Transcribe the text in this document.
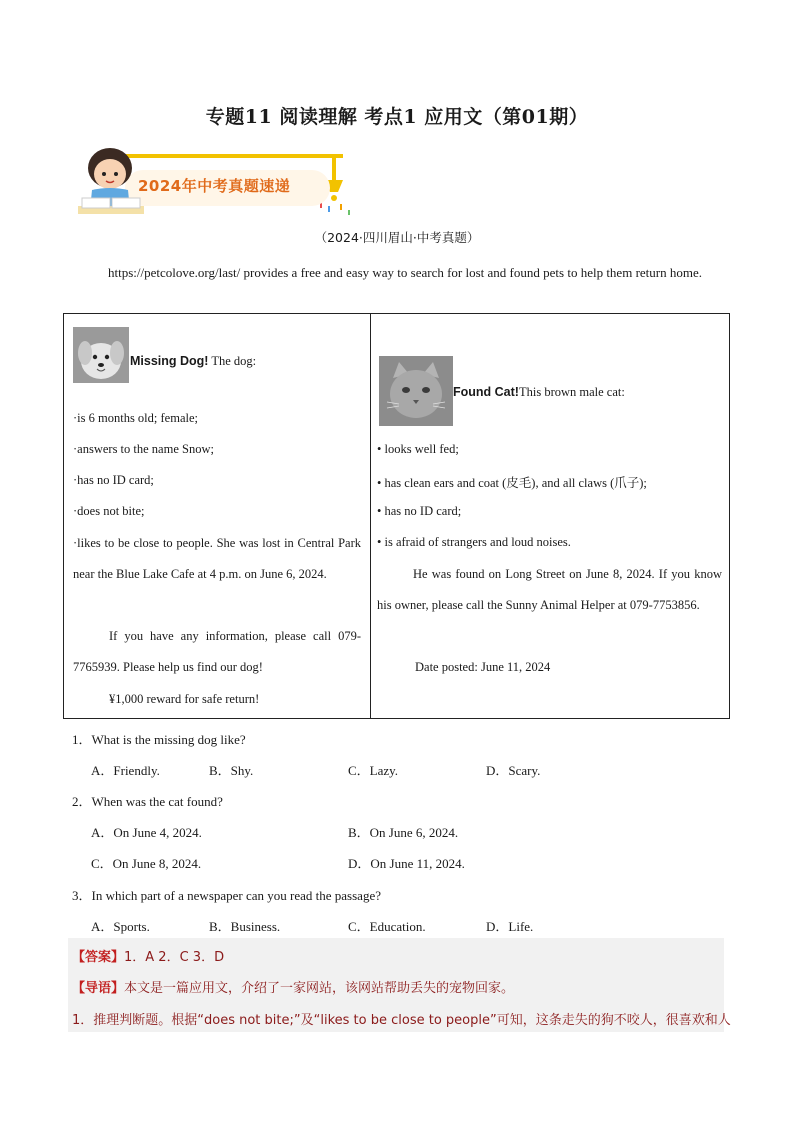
专题11 阅读理解 考点1 应用文（第01期）
2024年中考真题速递
（2024·四川眉山·中考真题）
https://petcolove.org/last/ provides a free and easy way to search for lost and found pets to help them return home.
Missing Dog! The dog:
·is 6 months old; female;
·answers to the name Snow;
·has no ID card;
·does not bite;
·likes to be close to people. She was lost in Central Park near the Blue Lake Cafe at 4 p.m. on June 6, 2024.
If you have any information, please call 079-7765939. Please help us find our dog!
¥1,000 reward for safe return!

Found Cat!This brown male cat:
• looks well fed;
• has clean ears and coat (皮毛), and all claws (爪子);
• has no ID card;
• is afraid of strangers and loud noises.
He was found on Long Street on June 8, 2024. If you know his owner, please call the Sunny Animal Helper at 079-7753856.
Date posted: June 11, 2024
1．What is the missing dog like?
A．Friendly.	B．Shy.	C．Lazy.	D．Scary.
2．When was the cat found?
A．On June 4, 2024.	B．On June 6, 2024.
C．On June 8, 2024.	D．On June 11, 2024.
3．In which part of a newspaper can you read the passage?
A．Sports.	B．Business.	C．Education.	D．Life.
【答案】1．A 2．C 3．D
【导语】本文是一篇应用文，介绍了一家网站，该网站帮助丢失的宠物回家。
1．推理判断题。根据“does not bite;”及“likes to be close to people”可知，这条走失的狗不咬人，很喜欢和人
